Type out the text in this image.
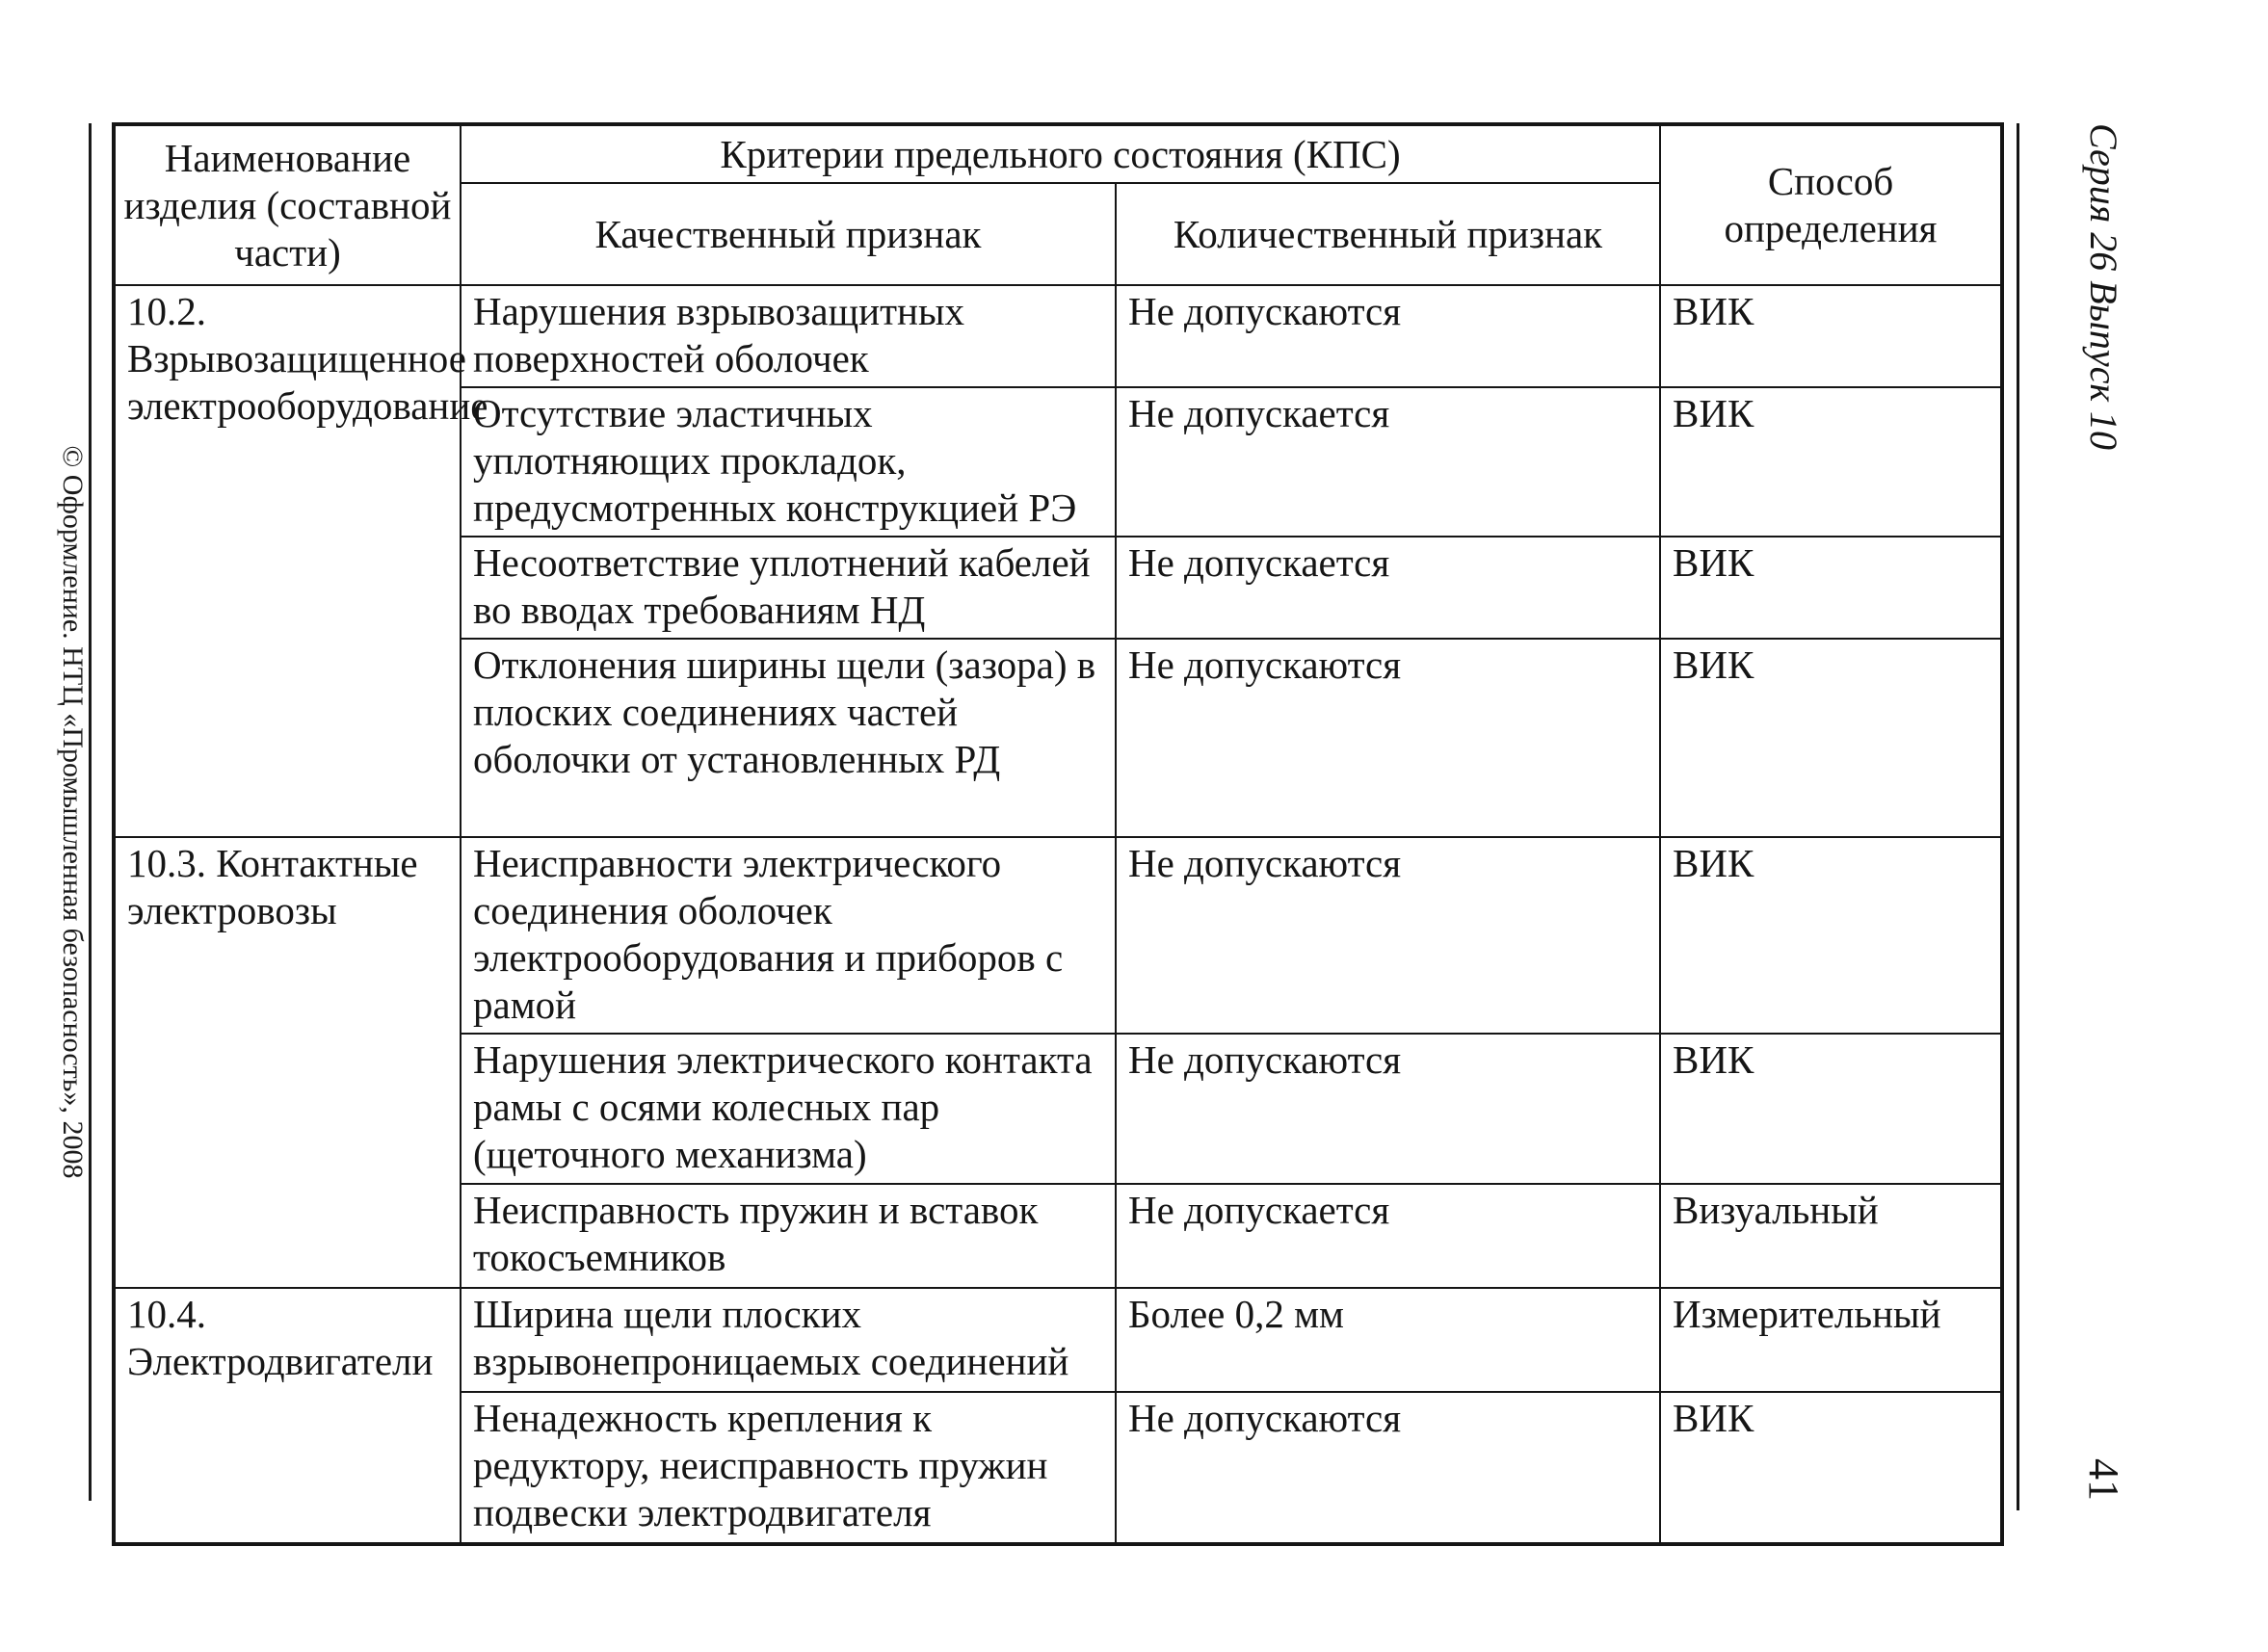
© Оформление. НТЦ «Промышленная безопасность», 2008
Серия 26 Выпуск 10
41
Наименование изделия (составной части)	Критерии предельного состояния (КПС)		Способ определения
	Качественный признак	Количественный признак	
10.2. Взрывозащищенное электрооборудование	Нарушения взрывозащитных поверхностей оболочек	Не допускаются	ВИК
	Отсутствие эластичных уплотняющих прокладок, предусмотренных конструкцией РЭ	Не допускается	ВИК
	Несоответствие уплотнений кабелей во вводах требованиям НД	Не допускается	ВИК
	Отклонения ширины щели (зазора) в плоских соединениях частей оболочки от установленных РД	Не допускаются	ВИК
10.3. Контактные электровозы	Неисправности электрического соединения оболочек электрооборудования и приборов с рамой	Не допускаются	ВИК
	Нарушения электрического контакта рамы с осями колесных пар (щеточного механизма)	Не допускаются	ВИК
	Неисправность пружин и вставок токосъемников	Не допускается	Визуальный
10.4. Электродвигатели	Ширина щели плоских взрывонепроницаемых соединений	Более 0,2 мм	Измерительный
	Ненадежность крепления к редуктору, неисправность пружин подвески электродвигателя	Не допускаются	ВИК
